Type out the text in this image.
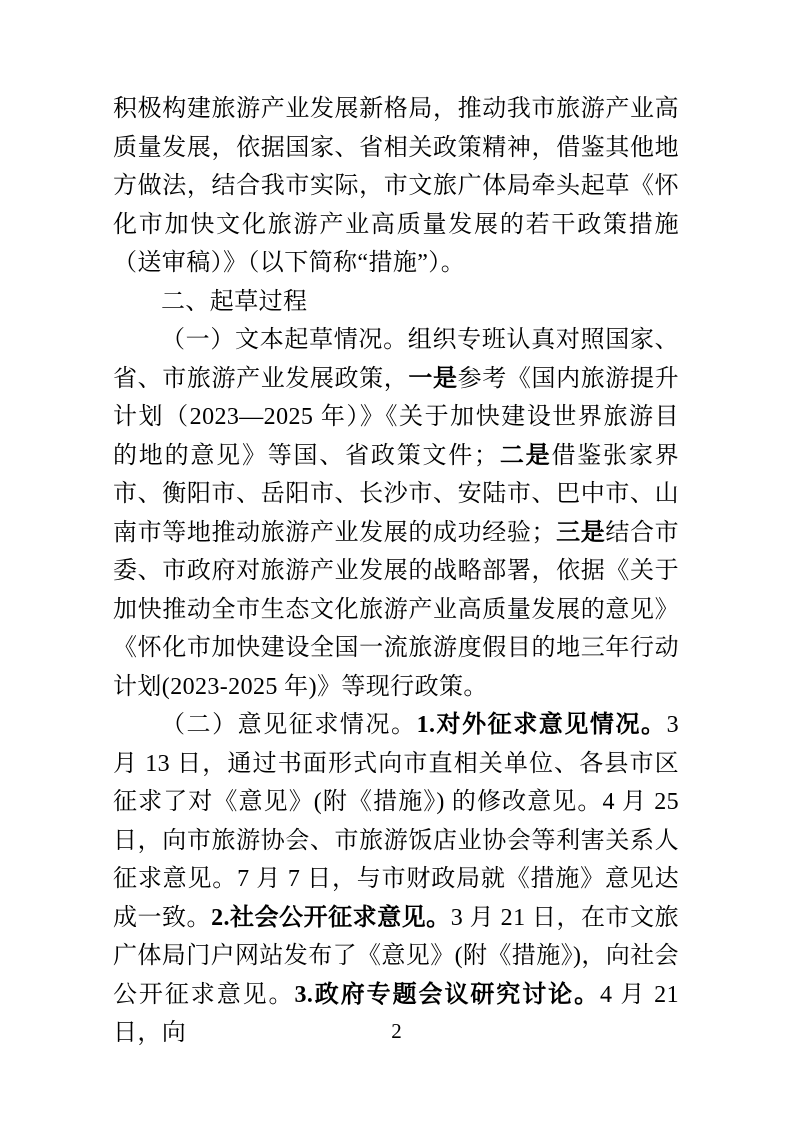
积极构建旅游产业发展新格局，推动我市旅游产业高质量发展，依据国家、省相关政策精神，借鉴其他地方做法，结合我市实际，市文旅广体局牵头起草《怀化市加快文化旅游产业高质量发展的若干政策措施（送审稿）》（以下简称“措施”）。

二、起草过程

（一）文本起草情况。组织专班认真对照国家、省、市旅游产业发展政策，一是参考《国内旅游提升计划（2023—2025 年）》《关于加快建设世界旅游目的地的意见》等国、省政策文件；二是借鉴张家界市、衡阳市、岳阳市、长沙市、安陆市、巴中市、山南市等地推动旅游产业发展的成功经验；三是结合市委、市政府对旅游产业发展的战略部署，依据《关于加快推动全市生态文化旅游产业高质量发展的意见》《怀化市加快建设全国一流旅游度假目的地三年行动计划(2023-2025 年)》等现行政策。

（二）意见征求情况。1.对外征求意见情况。3 月 13 日，通过书面形式向市直相关单位、各县市区征求了对《意见》(附《措施》) 的修改意见。4 月 25 日，向市旅游协会、市旅游饭店业协会等利害关系人征求意见。7 月 7 日，与市财政局就《措施》意见达成一致。2.社会公开征求意见。3 月 21 日，在市文旅广体局门户网站发布了《意见》(附《措施》)，向社会公开征求意见。3.政府专题会议研究讨论。4 月 21 日，向	2
